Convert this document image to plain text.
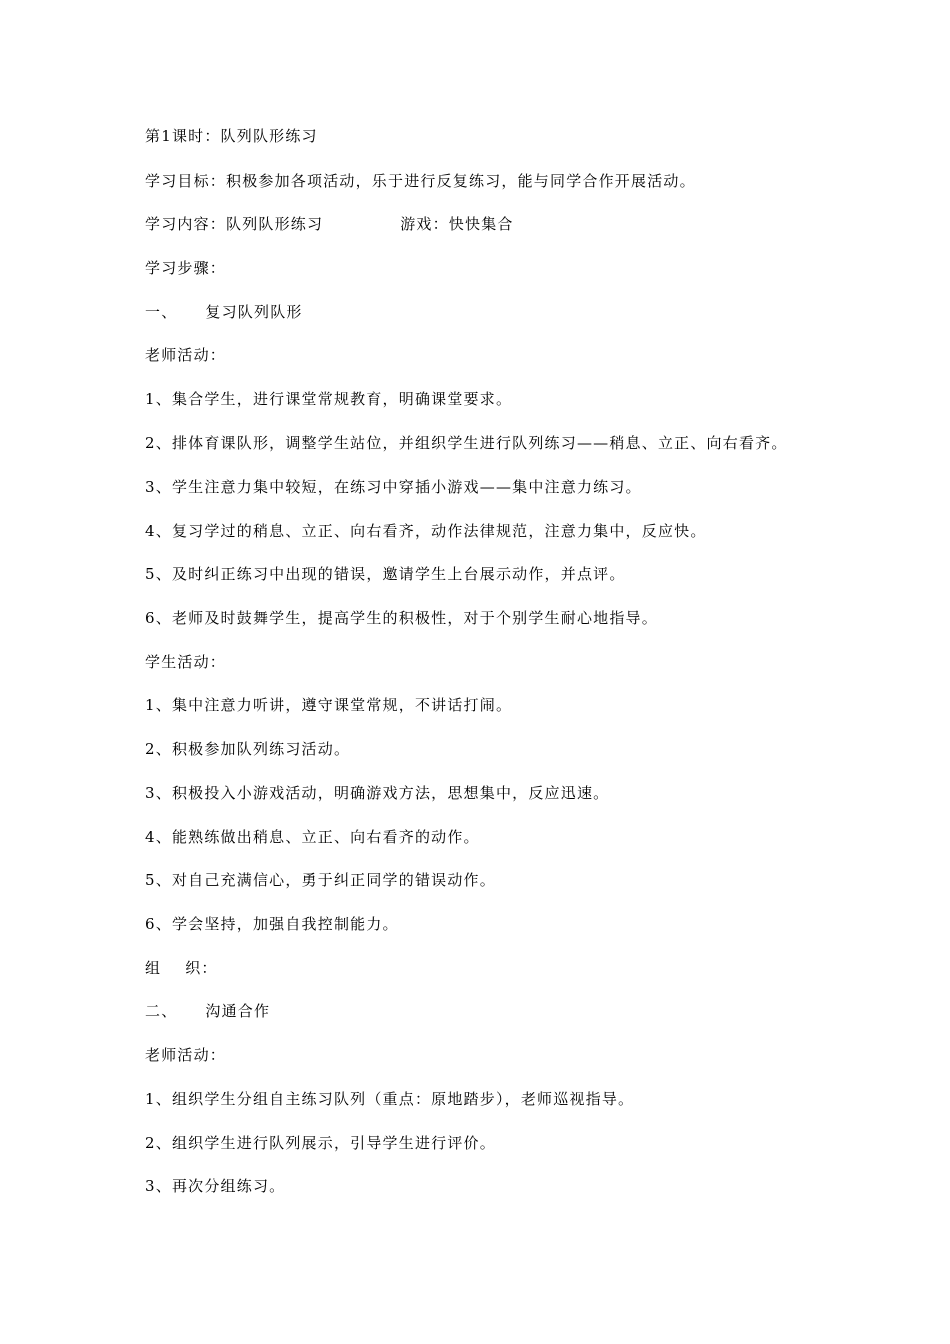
第1课时：队列队形练习
学习目标：积极参加各项活动，乐于进行反复练习，能与同学合作开展活动。
学习内容：队列队形练习	游戏：快快集合
学习步骤：
一、 复习队列队形
老师活动：
1、集合学生，进行课堂常规教育，明确课堂要求。
2、排体育课队形，调整学生站位，并组织学生进行队列练习——稍息、立正、向右看齐。
3、学生注意力集中较短，在练习中穿插小游戏——集中注意力练习。
4、复习学过的稍息、立正、向右看齐，动作法律规范，注意力集中，反应快。
5、及时纠正练习中出现的错误，邀请学生上台展示动作，并点评。
6、老师及时鼓舞学生，提高学生的积极性，对于个别学生耐心地指导。
学生活动：
1、集中注意力听讲，遵守课堂常规，不讲话打闹。
2、积极参加队列练习活动。
3、积极投入小游戏活动，明确游戏方法，思想集中，反应迅速。
4、能熟练做出稍息、立正、向右看齐的动作。
5、对自己充满信心，勇于纠正同学的错误动作。
6、学会坚持，加强自我控制能力。
组 织：
二、 沟通合作
老师活动：
1、组织学生分组自主练习队列（重点：原地踏步），老师巡视指导。
2、组织学生进行队列展示，引导学生进行评价。
3、再次分组练习。
